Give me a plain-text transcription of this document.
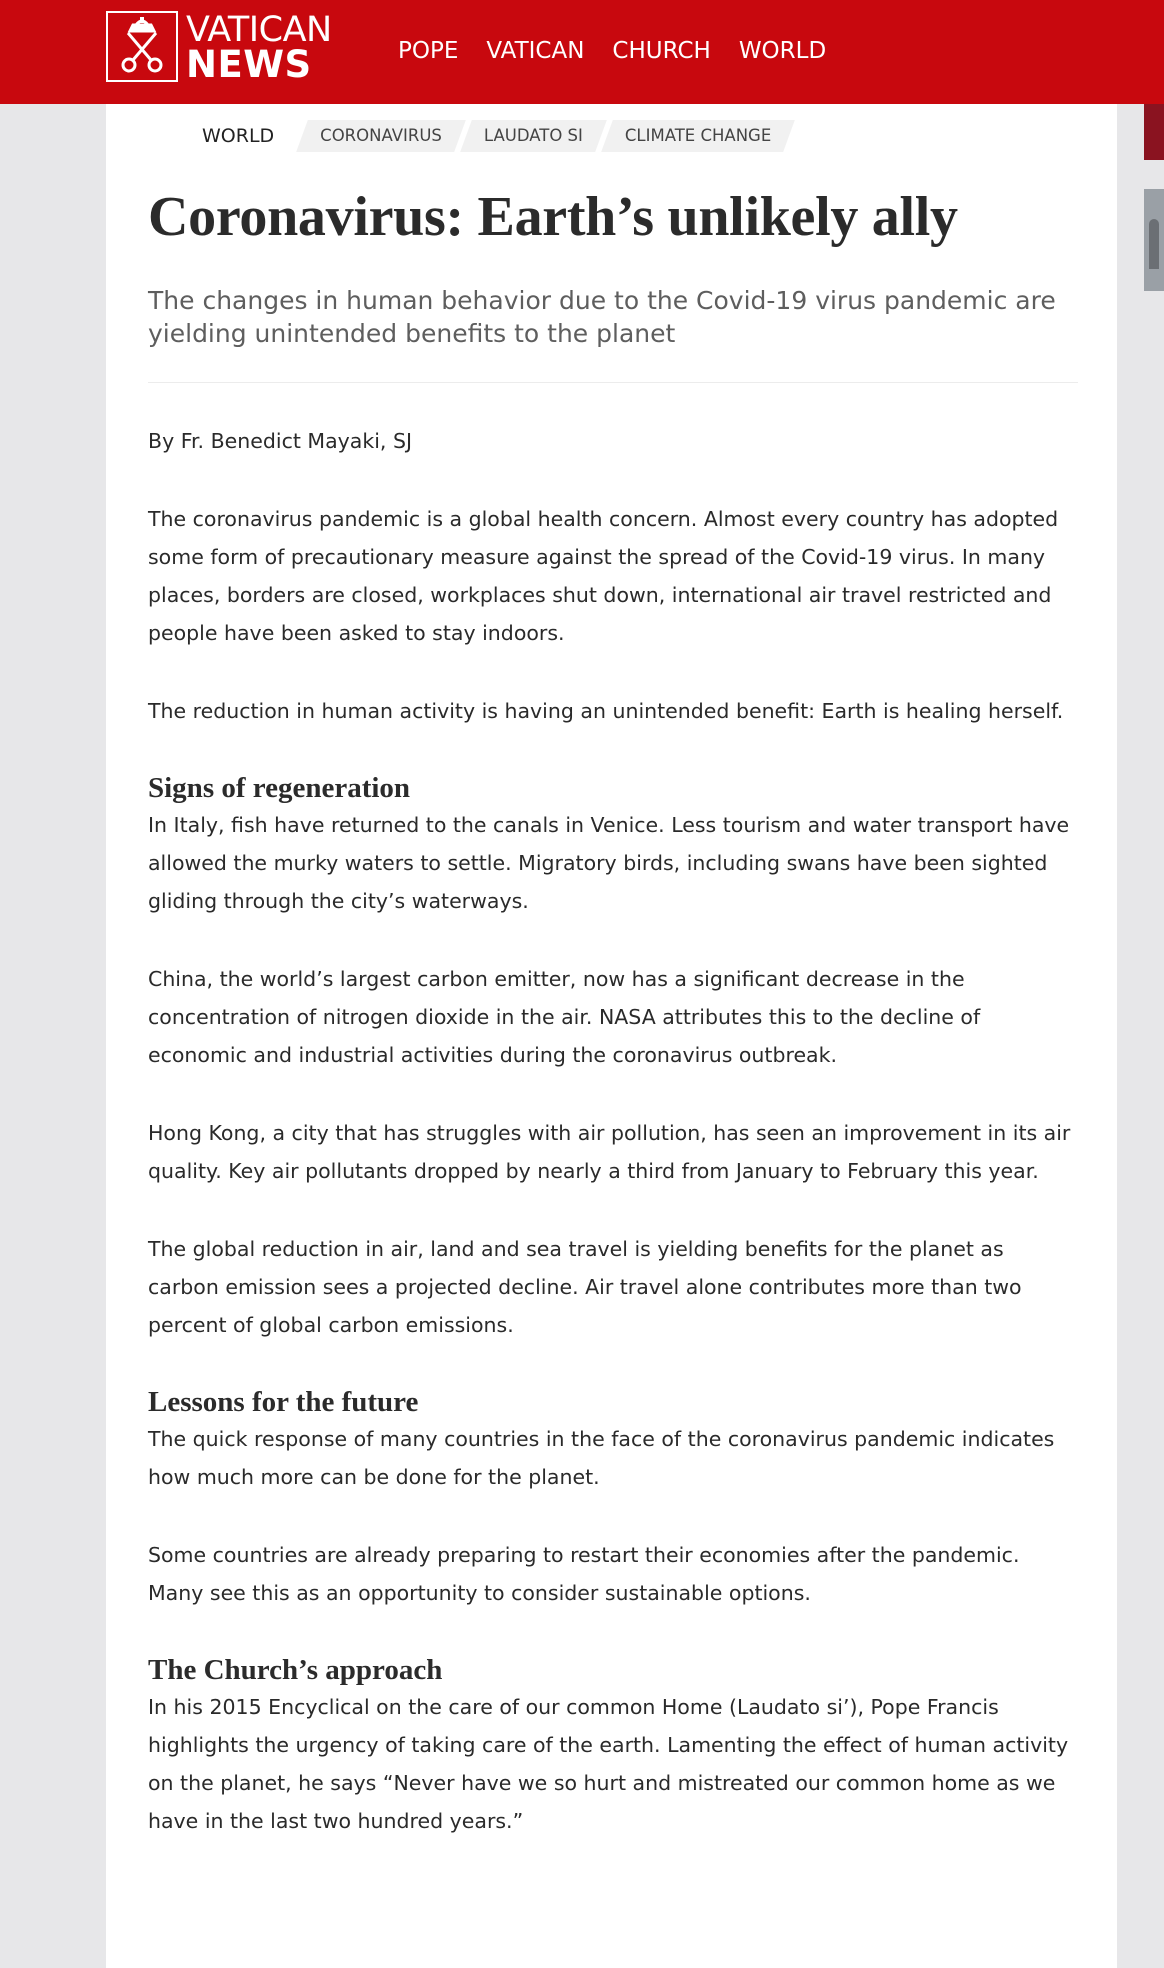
VATICAN
NEWS	POPE VATICAN CHURCH WORLD
WORLD	CORONAVIRUS	LAUDATO SI	CLIMATE CHANGE
Coronavirus: Earth’s unlikely ally

The changes in human behavior due to the Covid-19 virus pandemic are yielding unintended benefits to the planet

By Fr. Benedict Mayaki, SJ

The coronavirus pandemic is a global health concern. Almost every country has adopted some form of precautionary measure against the spread of the Covid-19 virus. In many places, borders are closed, workplaces shut down, international air travel restricted and people have been asked to stay indoors.

The reduction in human activity is having an unintended benefit: Earth is healing herself.

Signs of regeneration

In Italy, fish have returned to the canals in Venice. Less tourism and water transport have allowed the murky waters to settle. Migratory birds, including swans have been sighted gliding through the city’s waterways.

China, the world’s largest carbon emitter, now has a significant decrease in the concentration of nitrogen dioxide in the air. NASA attributes this to the decline of economic and industrial activities during the coronavirus outbreak.

Hong Kong, a city that has struggles with air pollution, has seen an improvement in its air quality. Key air pollutants dropped by nearly a third from January to February this year.

The global reduction in air, land and sea travel is yielding benefits for the planet as carbon emission sees a projected decline. Air travel alone contributes more than two percent of global carbon emissions.

Lessons for the future

The quick response of many countries in the face of the coronavirus pandemic indicates how much more can be done for the planet.

Some countries are already preparing to restart their economies after the pandemic. Many see this as an opportunity to consider sustainable options.

The Church’s approach

In his 2015 Encyclical on the care of our common Home (Laudato si’), Pope Francis highlights the urgency of taking care of the earth. Lamenting the effect of human activity on the planet, he says “Never have we so hurt and mistreated our common home as we have in the last two hundred years.”
